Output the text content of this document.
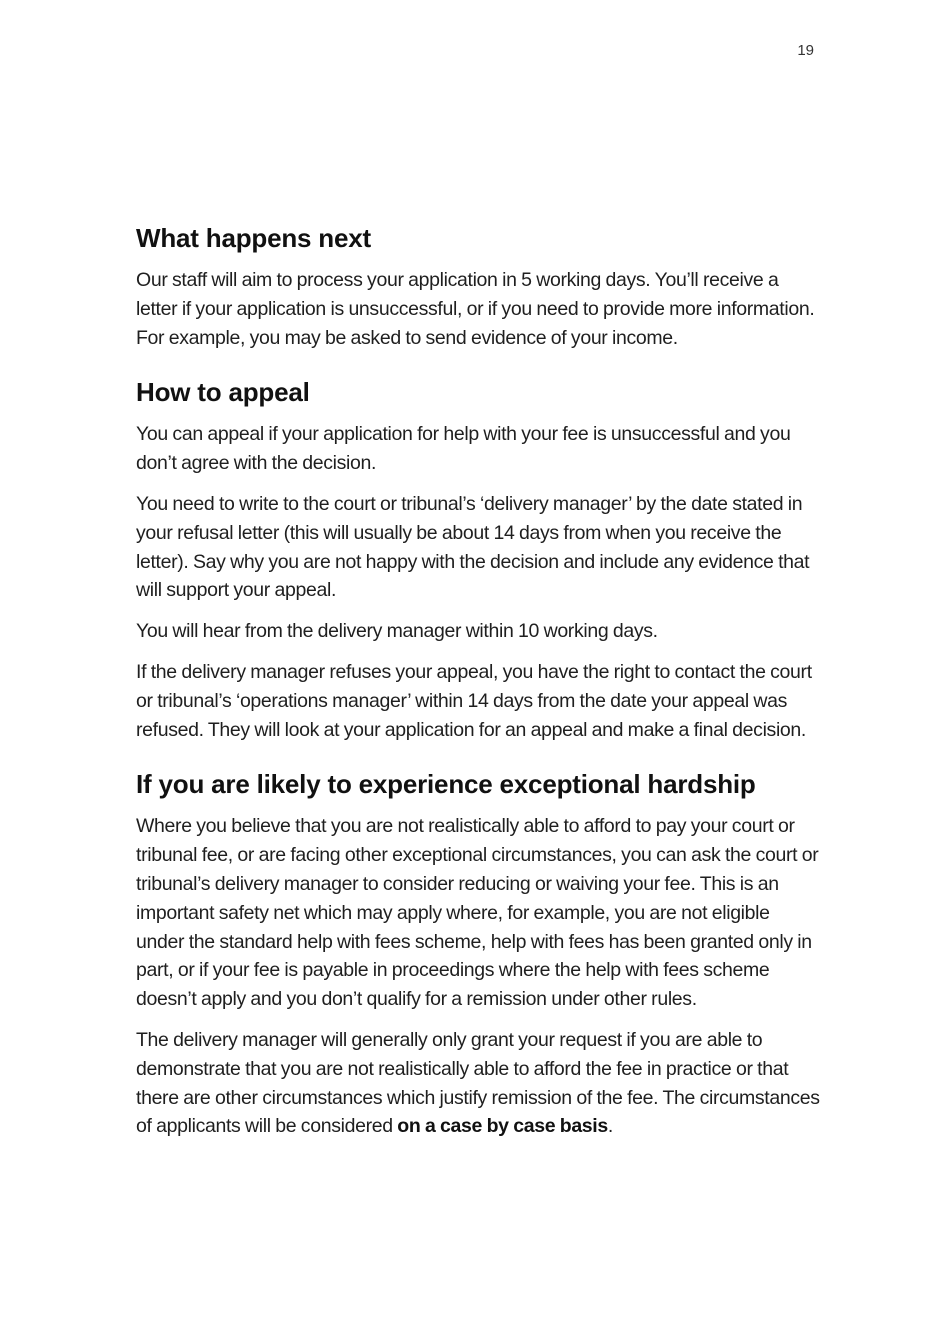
19
What happens next

Our staff will aim to process your application in 5 working days. You’ll receive a letter if your application is unsuccessful, or if you need to provide more information. For example, you may be asked to send evidence of your income.

How to appeal

You can appeal if your application for help with your fee is unsuccessful and you don’t agree with the decision.

You need to write to the court or tribunal’s ‘delivery manager’ by the date stated in your refusal letter (this will usually be about 14 days from when you receive the letter). Say why you are not happy with the decision and include any evidence that will support your appeal.

You will hear from the delivery manager within 10 working days.

If the delivery manager refuses your appeal, you have the right to contact the court or tribunal’s ‘operations manager’ within 14 days from the date your appeal was refused. They will look at your application for an appeal and make a final decision.

If you are likely to experience exceptional hardship

Where you believe that you are not realistically able to afford to pay your court or tribunal fee, or are facing other exceptional circumstances, you can ask the court or tribunal’s delivery manager to consider reducing or waiving your fee. This is an important safety net which may apply where, for example, you are not eligible under the standard help with fees scheme, help with fees has been granted only in part, or if your fee is payable in proceedings where the help with fees scheme doesn’t apply and you don’t qualify for a remission under other rules.

The delivery manager will generally only grant your request if you are able to demonstrate that you are not realistically able to afford the fee in practice or that there are other circumstances which justify remission of the fee. The circumstances of applicants will be considered on a case by case basis.
